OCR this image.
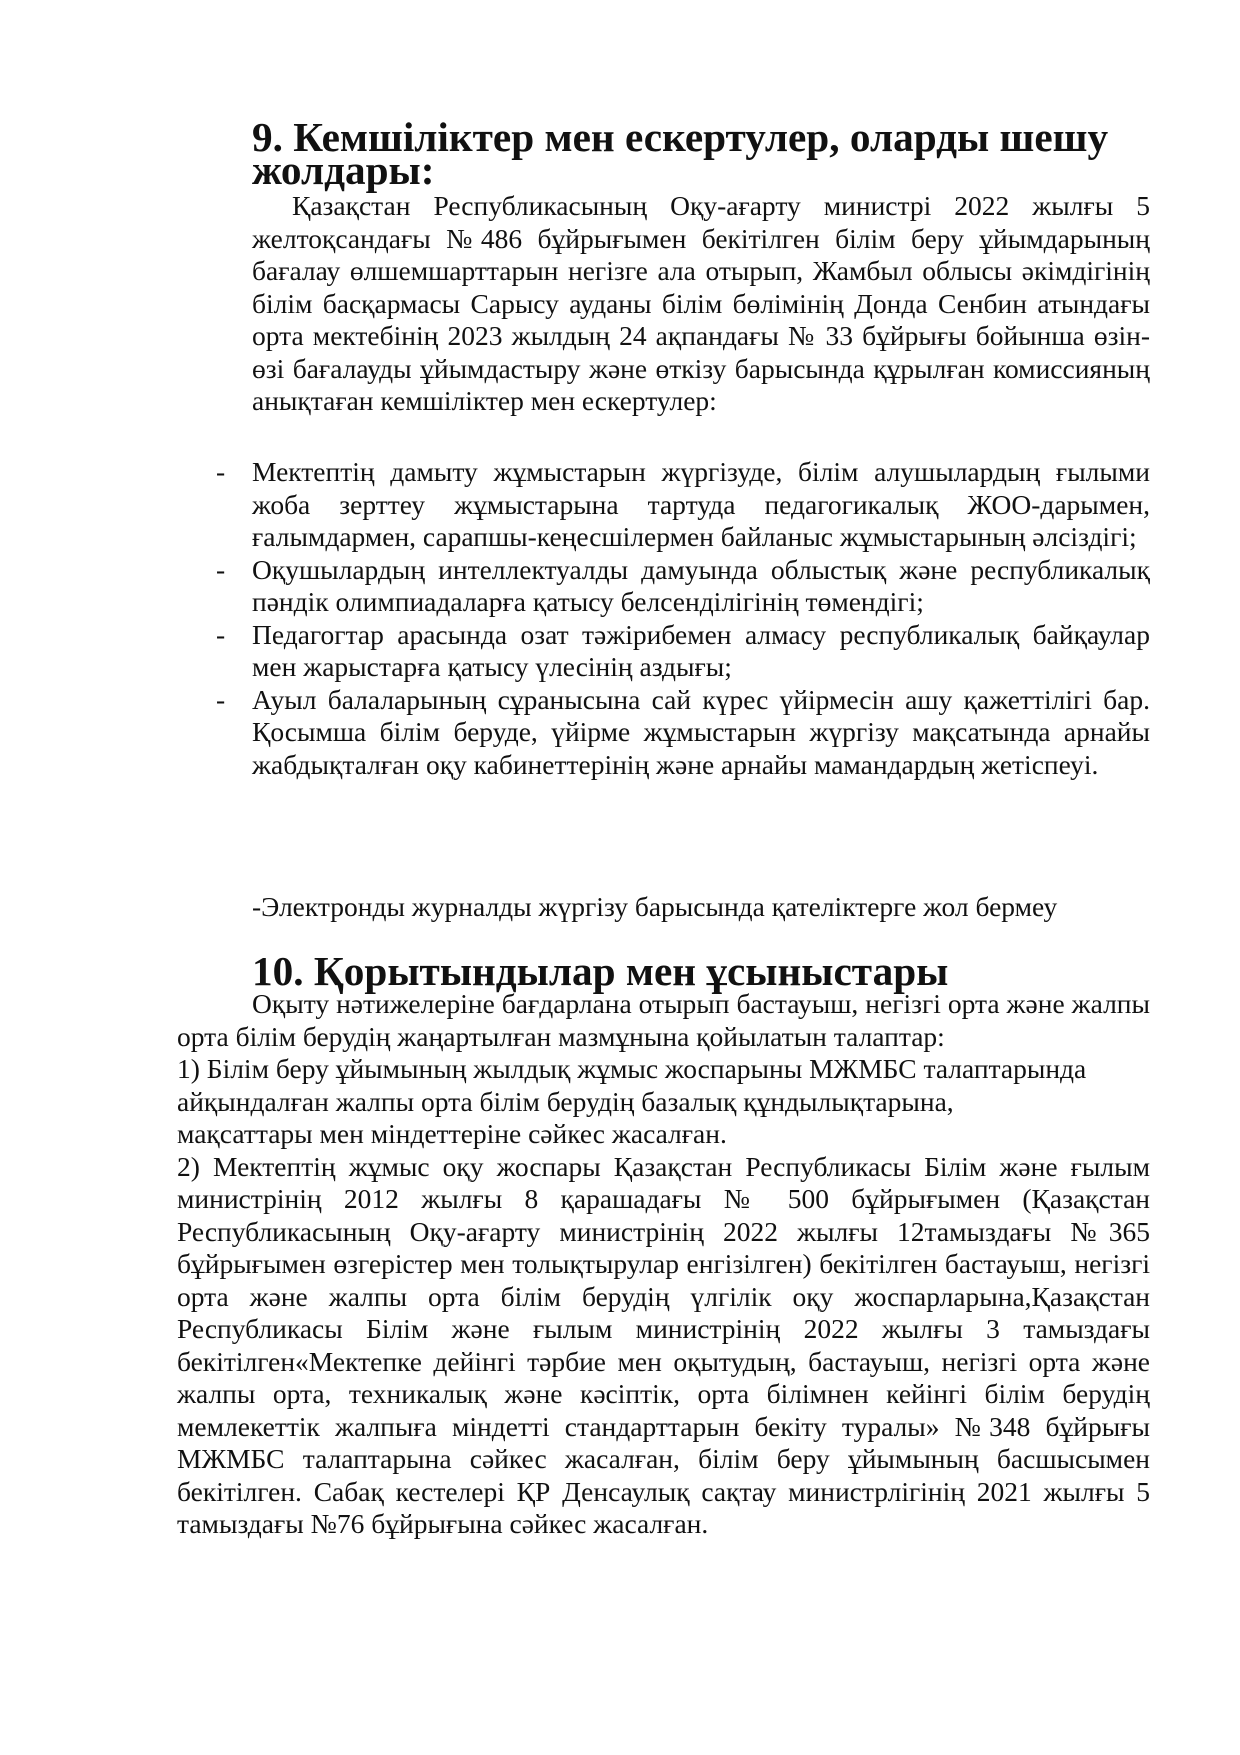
9. Кемшіліктер мен ескертулер, оларды шешу жолдары:

Қазақстан Республикасының Оқу-ағарту министрі 2022 жылғы 5 желтоқсандағы №486 бұйрығымен бекітілген білім беру ұйымдарының бағалау өлшемшарттарын негізге ала отырып, Жамбыл облысы әкімдігінің білім басқармасы Сарысу ауданы білім бөлімінің Донда Сенбин атындағы орта мектебінің 2023 жылдың 24 ақпандағы № 33 бұйрығы бойынша өзін-өзі бағалауды ұйымдастыру және өткізу барысында құрылған комиссияның анықтаған кемшіліктер мен ескертулер:

- Мектептің дамыту жұмыстарын жүргізуде, білім алушылардың ғылыми жоба зерттеу жұмыстарына тартуда педагогикалық ЖОО-дарымен, ғалымдармен, сарапшы-кеңесшілермен байланыс жұмыстарының әлсіздігі;
- Оқушылардың интеллектуалды дамуында облыстық және республикалық пәндік олимпиадаларға қатысу белсенділігінің төмендігі;
- Педагогтар арасында озат тәжірибемен алмасу республикалық байқаулар мен жарыстарға қатысу үлесінің аздығы;
- Ауыл балаларының сұранысына сай күрес үйірмесін ашу қажеттілігі бар. Қосымша білім беруде, үйірме жұмыстарын жүргізу мақсатында арнайы жабдықталған оқу кабинеттерінің және арнайы мамандардың жетіспеуі.

-Электронды журналды жүргізу барысында қателіктерге жол бермеу

10. Қорытындылар мен ұсыныстары

Оқыту нәтижелеріне бағдарлана отырып бастауыш, негізгі орта және жалпы орта білім берудің жаңартылған мазмұнына қойылатын талаптар:

1) Білім беру ұйымының жылдық жұмыс жоспарыны МЖМБС талаптарында

айқындалған жалпы орта білім берудің базалық құндылықтарына,

мақсаттары мен міндеттеріне сәйкес жасалған.

2) Мектептің жұмыс оқу жоспары Қазақстан Республикасы Білім және ғылым министрінің 2012 жылғы 8 қарашадағы № 500 бұйрығымен (Қазақстан Республикасының Оқу-ағарту министрінің 2022 жылғы 12тамыздағы №365 бұйрығымен өзгерістер мен толықтырулар енгізілген) бекітілген бастауыш, негізгі орта және жалпы орта білім берудің үлгілік оқу жоспарларына,Қазақстан Республикасы Білім және ғылым министрінің 2022 жылғы 3 тамыздағы бекітілген«Мектепке дейінгі тәрбие мен оқытудың, бастауыш, негізгі орта және жалпы орта, техникалық және кәсіптік, орта білімнен кейінгі білім берудің мемлекеттік жалпыға міндетті стандарттарын бекіту туралы» №348 бұйрығы МЖМБС талаптарына сәйкес жасалған, білім беру ұйымының басшысымен бекітілген. Сабақ кестелері ҚР Денсаулық сақтау министрлігінің 2021 жылғы 5 тамыздағы №76 бұйрығына сәйкес жасалған.
